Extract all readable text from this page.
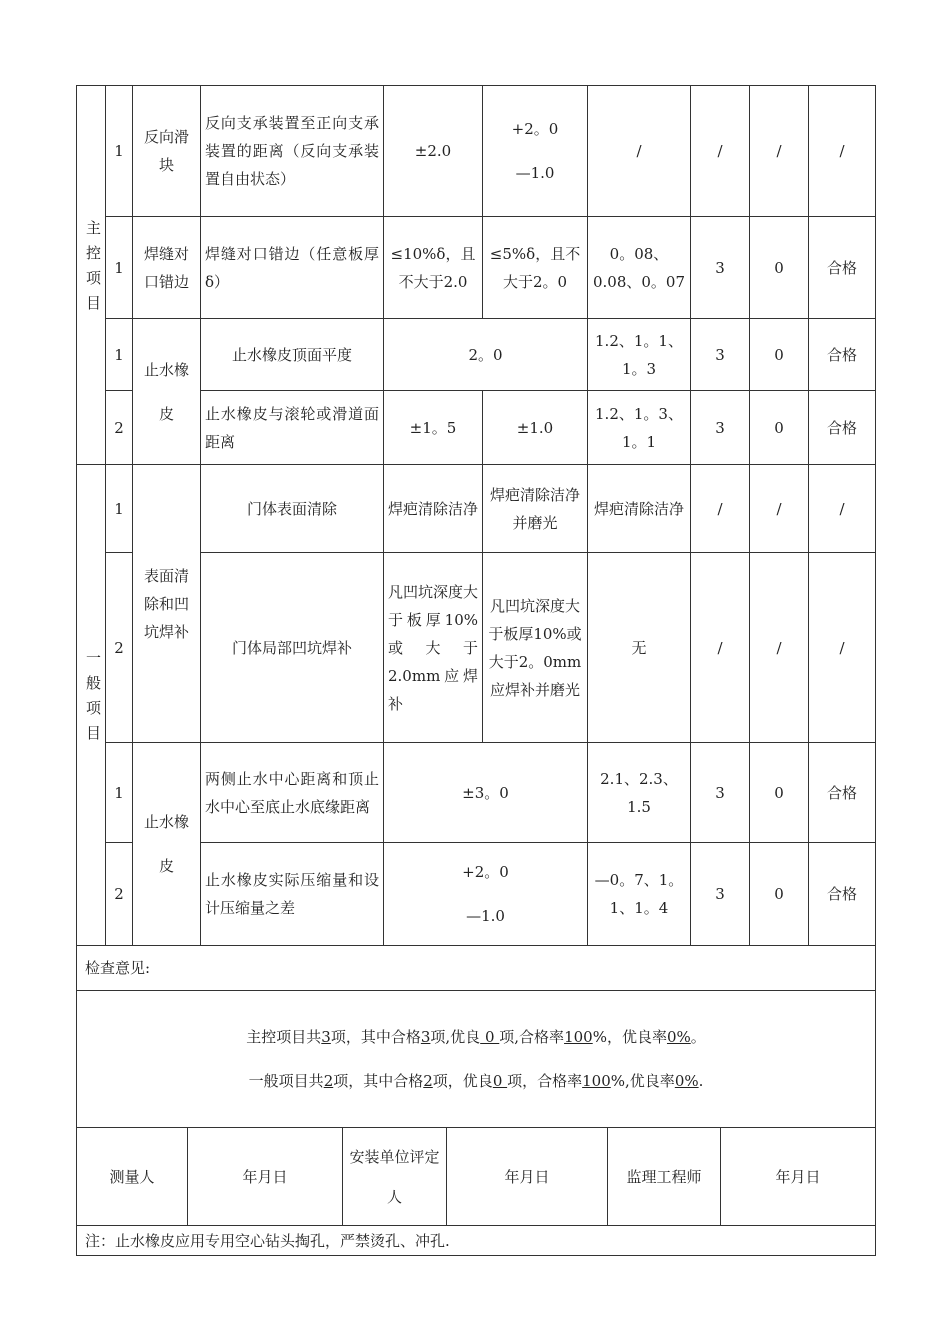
主控项目	1	反向滑块	反向支承装置至正向支承装置的距离（反向支承装置自由状态）	±2.0	+2。0
—1.0	/	/	/	/
	1	焊缝对口错边	焊缝对口错边（任意板厚δ）	≤10%δ，且不大于2.0	≤5%δ，且不大于2。0	0。08、0.08、0。07	3	0	合格
	1	止水橡皮	止水橡皮顶面平度	2。0		1.2、1。1、1。3	3	0	合格
	2		止水橡皮与滚轮或滑道面距离	±1。5	±1.0	1.2、1。3、1。1	3	0	合格
一般项目	1	表面清除和凹坑焊补	门体表面清除	焊疤清除洁净	焊疤清除洁净并磨光	焊疤清除洁净	/	/	/
	2		门体局部凹坑焊补	凡凹坑深度大于板厚10%或大于2.0mm应焊补	凡凹坑深度大于板厚10%或大于2。0mm应焊补并磨光	无	/	/	/
	1	止水橡皮	两侧止水中心距离和顶止水中心至底止水底缘距离	±3。0		2.1、2.3、1.5	3	0	合格
	2		止水橡皮实际压缩量和设计压缩量之差	+2。0
—1.0		—0。7、1。1、1。4	3	0	合格
检查意见:

主控项目共3项，其中合格3项,优良 0 项,合格率100%，优良率0%。
一般项目共2项，其中合格2项，优良0 项，合格率100%,优良率0%.

测量人	年月日	安装单位评定人	年月日	监理工程师	年月日
注：止水橡皮应用专用空心钻头掏孔，严禁烫孔、冲孔.
